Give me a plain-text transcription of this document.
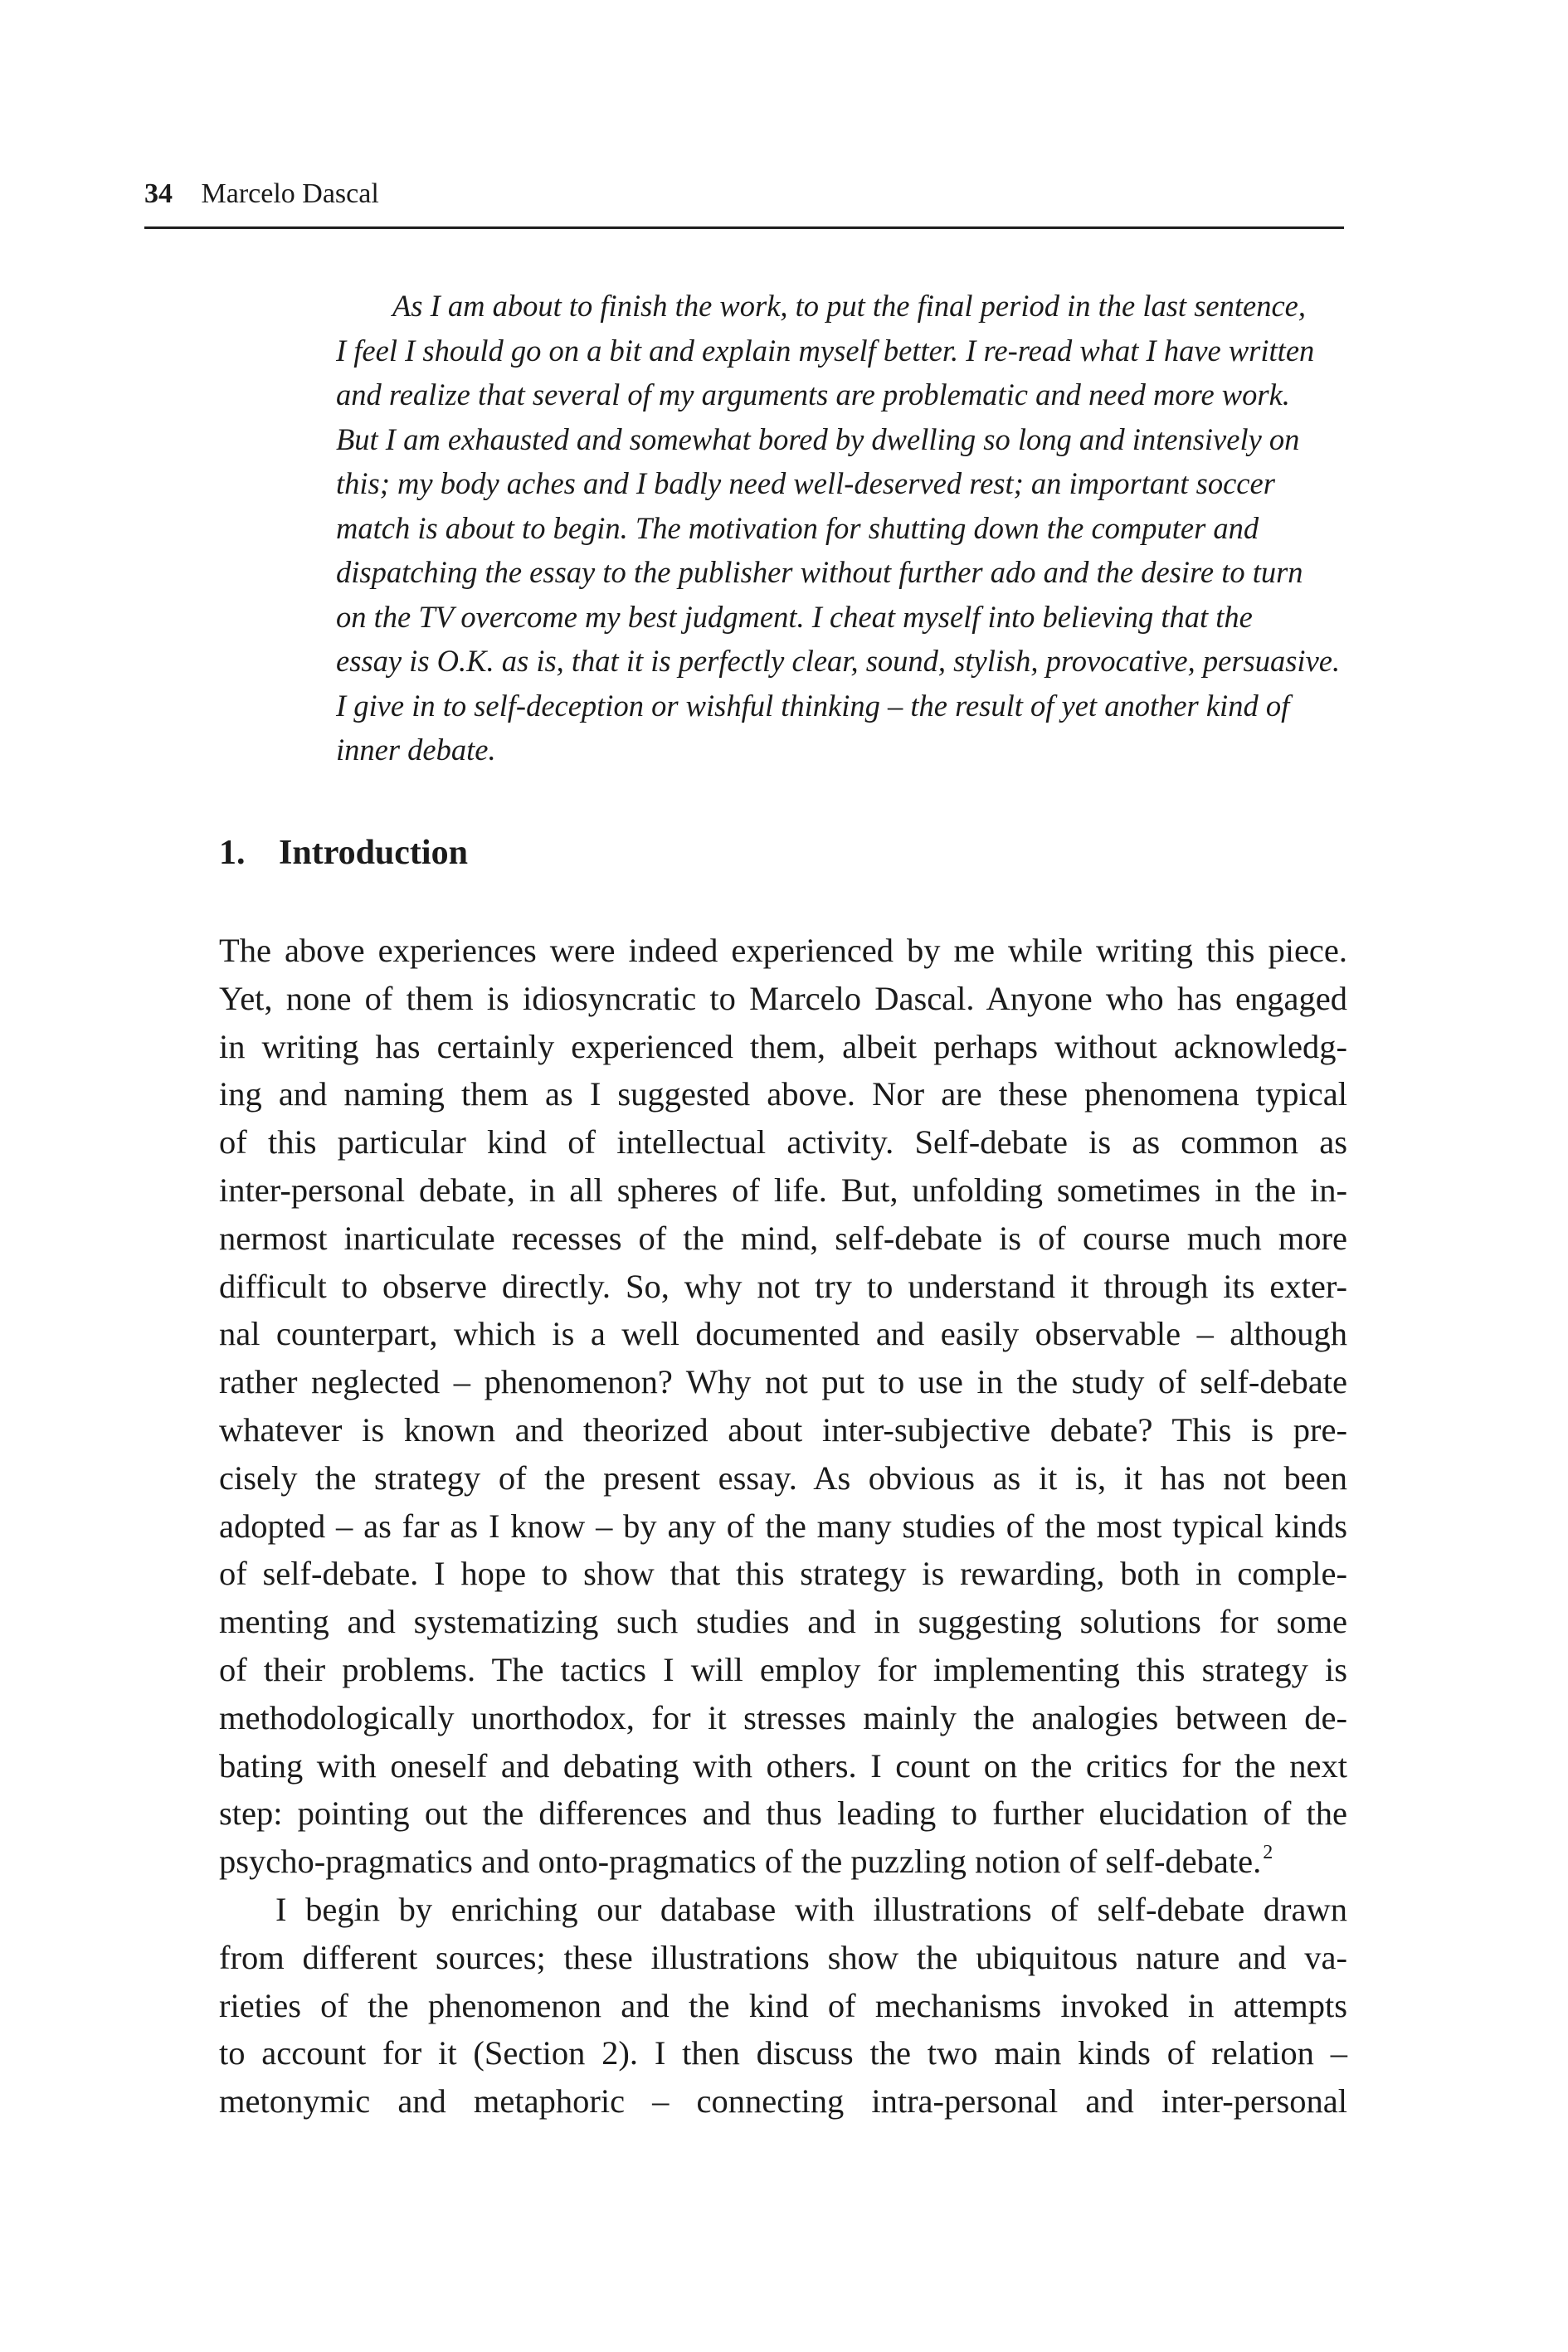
34 Marcelo Dascal
As I am about to finish the work, to put the final period in the last sentence,
I feel I should go on a bit and explain myself better. I re-read what I have written
and realize that several of my arguments are problematic and need more work.
But I am exhausted and somewhat bored by dwelling so long and intensively on
this; my body aches and I badly need well-deserved rest; an important soccer
match is about to begin. The motivation for shutting down the computer and
dispatching the essay to the publisher without further ado and the desire to turn
on the TV overcome my best judgment. I cheat myself into believing that the
essay is O.K. as is, that it is perfectly clear, sound, stylish, provocative, persuasive.
I give in to self-deception or wishful thinking – the result of yet another kind of
inner debate.
1. Introduction
The above experiences were indeed experienced by me while writing this piece.
Yet, none of them is idiosyncratic to Marcelo Dascal. Anyone who has engaged
in writing has certainly experienced them, albeit perhaps without acknowledg-
ing and naming them as I suggested above. Nor are these phenomena typical
of this particular kind of intellectual activity. Self-debate is as common as
inter-personal debate, in all spheres of life. But, unfolding sometimes in the in-
nermost inarticulate recesses of the mind, self-debate is of course much more
difficult to observe directly. So, why not try to understand it through its exter-
nal counterpart, which is a well documented and easily observable – although
rather neglected – phenomenon? Why not put to use in the study of self-debate
whatever is known and theorized about inter-subjective debate? This is pre-
cisely the strategy of the present essay. As obvious as it is, it has not been
adopted – as far as I know – by any of the many studies of the most typical kinds
of self-debate. I hope to show that this strategy is rewarding, both in comple-
menting and systematizing such studies and in suggesting solutions for some
of their problems. The tactics I will employ for implementing this strategy is
methodologically unorthodox, for it stresses mainly the analogies between de-
bating with oneself and debating with others. I count on the critics for the next
step: pointing out the differences and thus leading to further elucidation of the
psycho-pragmatics and onto-pragmatics of the puzzling notion of self-debate.$^2$
I begin by enriching our database with illustrations of self-debate drawn
from different sources; these illustrations show the ubiquitous nature and va-
rieties of the phenomenon and the kind of mechanisms invoked in attempts
to account for it (Section 2). I then discuss the two main kinds of relation –
metonymic and metaphoric – connecting intra-personal and inter-personal
